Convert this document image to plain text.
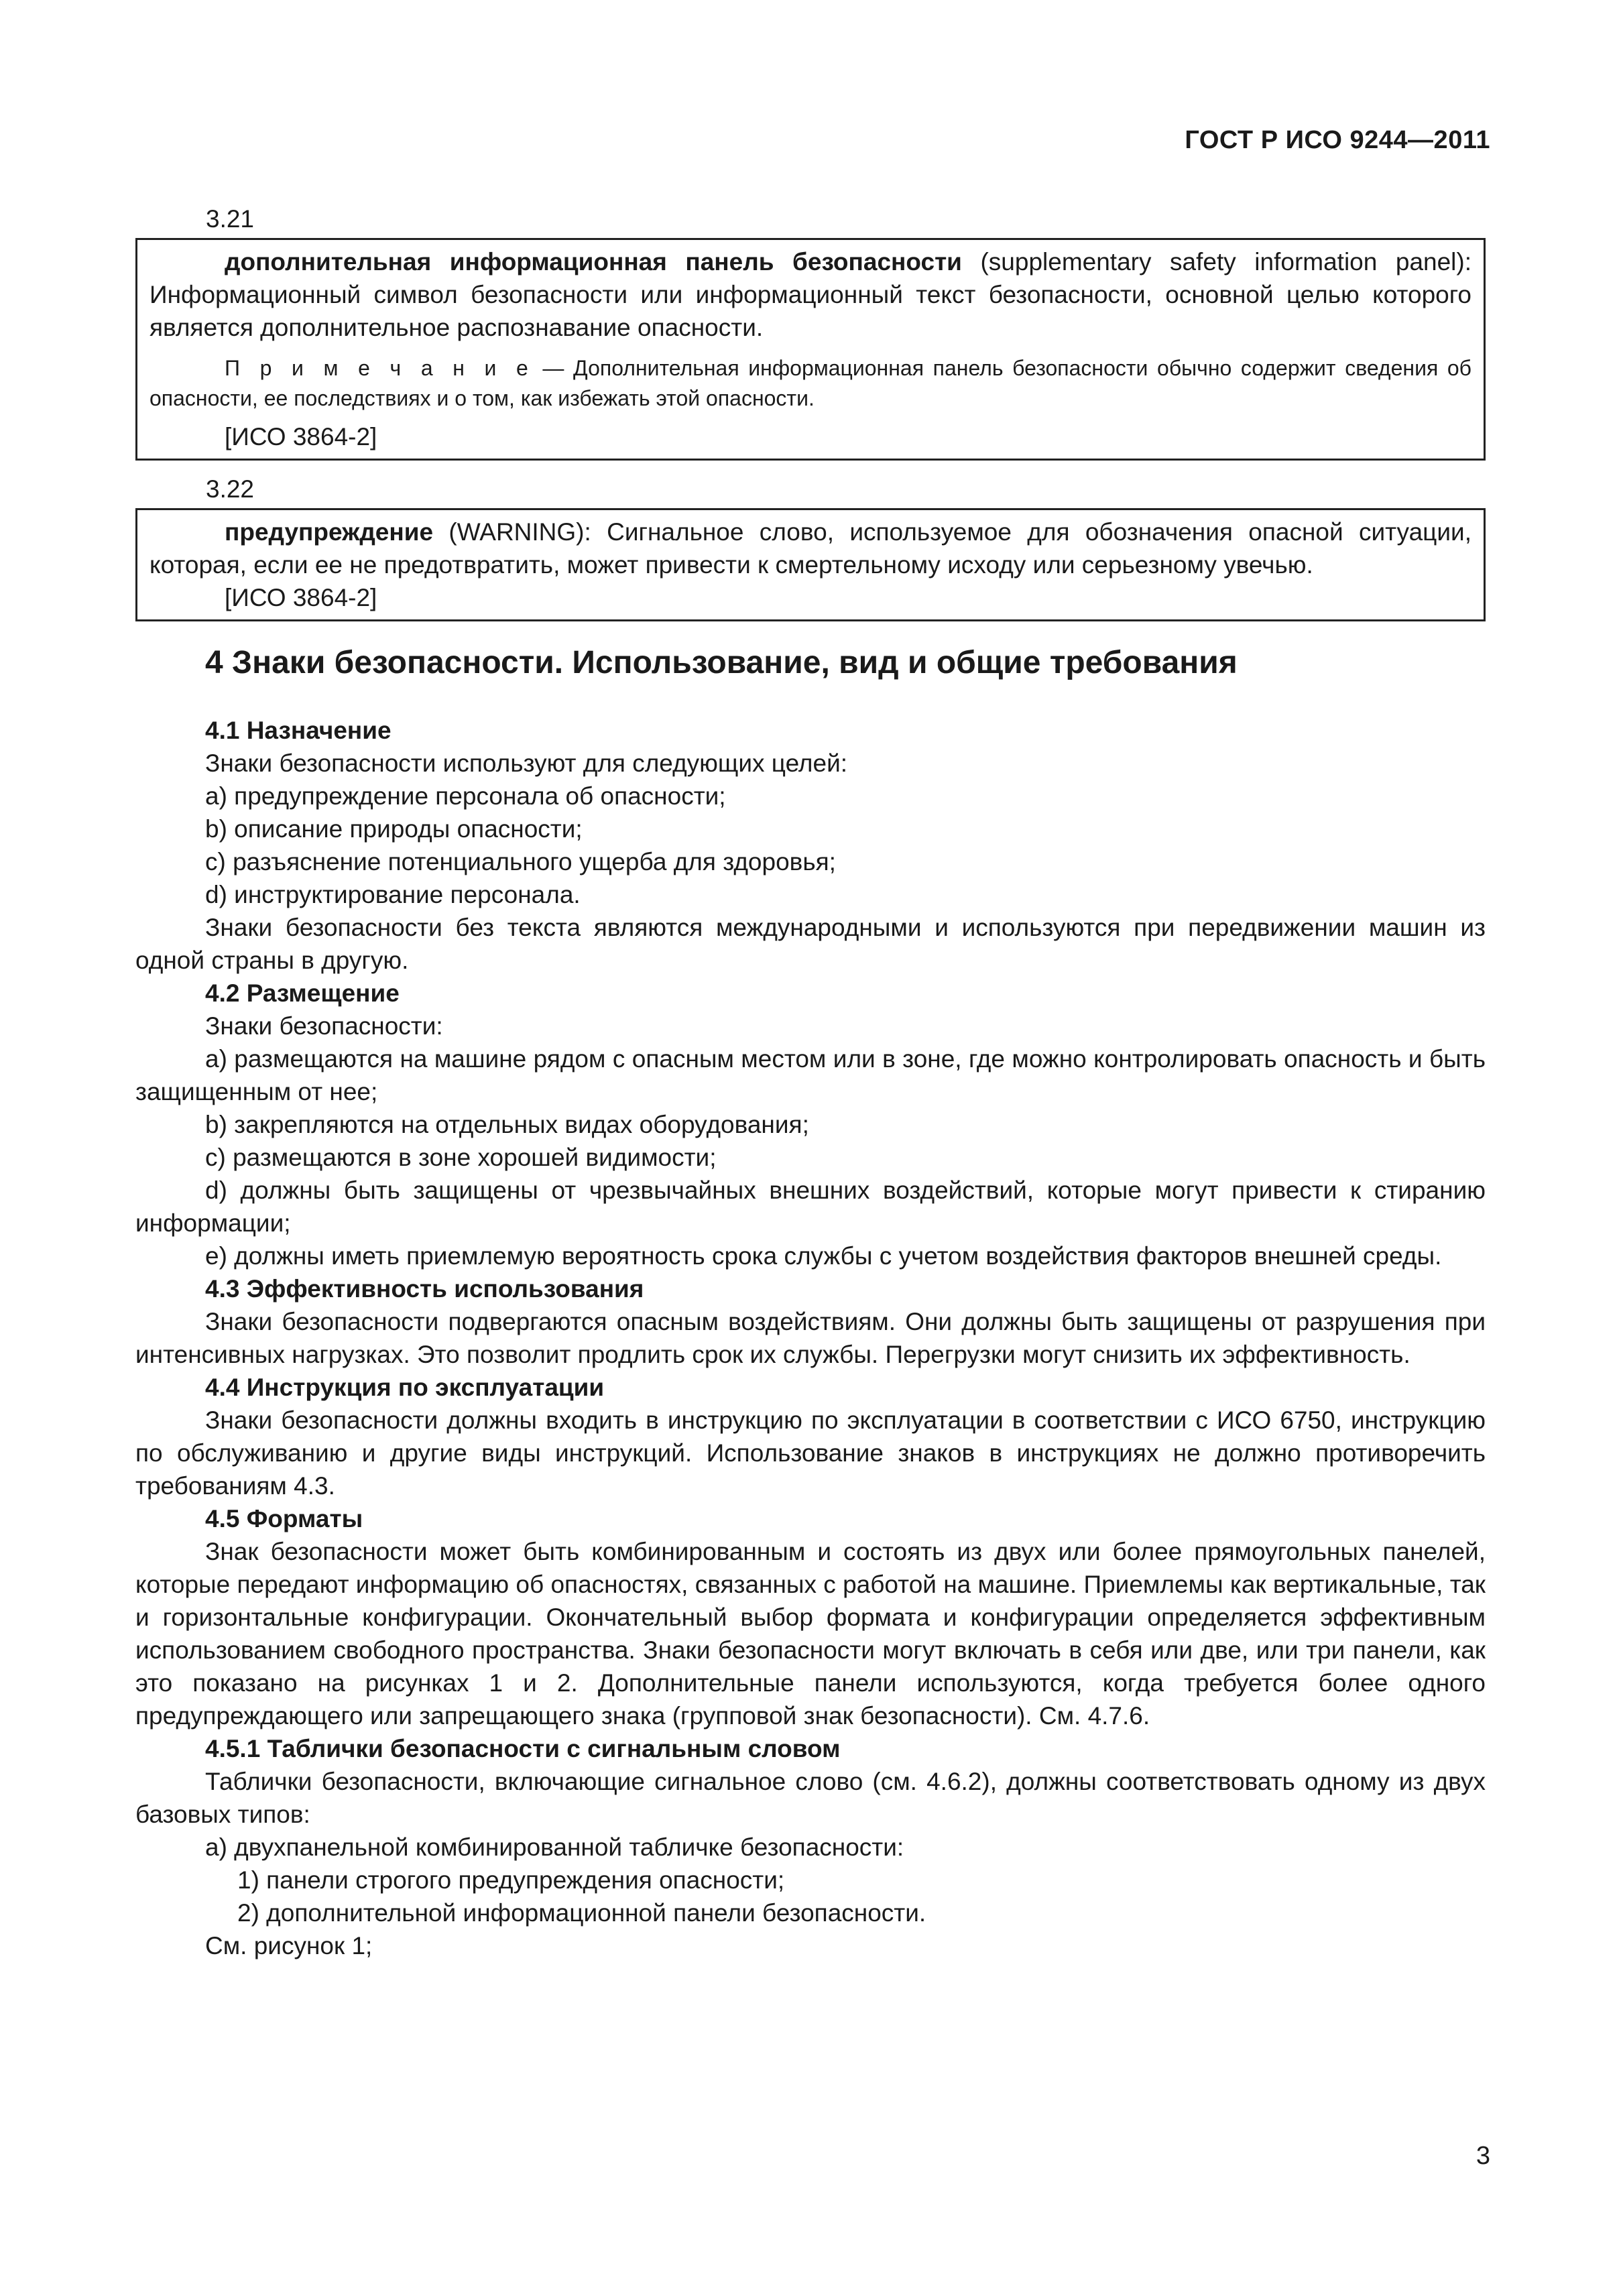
ГОСТ Р ИСО 9244—2011
3.21

дополнительная информационная панель безопасности (supplementary safety information panel): Информационный символ безопасности или информационный текст безопасности, основной целью которого является дополнительное распознавание опасности.

П р и м е ч а н и е — Дополнительная информационная панель безопасности обычно содержит сведения об опасности, ее последствиях и о том, как избежать этой опасности.

[ИСО 3864-2]

3.22

предупреждение (WARNING): Сигнальное слово, используемое для обозначения опасной ситуации, которая, если ее не предотвратить, может привести к смертельному исходу или серьезному увечью.

[ИСО 3864-2]

4 Знаки безопасности. Использование, вид и общие требования

4.1 Назначение

Знаки безопасности используют для следующих целей:

a) предупреждение персонала об опасности;

b) описание природы опасности;

c) разъяснение потенциального ущерба для здоровья;

d) инструктирование персонала.

Знаки безопасности без текста являются международными и используются при передвижении машин из одной страны в другую.

4.2 Размещение

Знаки безопасности:

a) размещаются на машине рядом с опасным местом или в зоне, где можно контролировать опасность и быть защищенным от нее;

b) закрепляются на отдельных видах оборудования;

c) размещаются в зоне хорошей видимости;

d) должны быть защищены от чрезвычайных внешних воздействий, которые могут привести к стиранию информации;

e) должны иметь приемлемую вероятность срока службы с учетом воздействия факторов внешней среды.

4.3 Эффективность использования

Знаки безопасности подвергаются опасным воздействиям. Они должны быть защищены от разрушения при интенсивных нагрузках. Это позволит продлить срок их службы. Перегрузки могут снизить их эффективность.

4.4 Инструкция по эксплуатации

Знаки безопасности должны входить в инструкцию по эксплуатации в соответствии с ИСО 6750, инструкцию по обслуживанию и другие виды инструкций. Использование знаков в инструкциях не должно противоречить требованиям 4.3.

4.5 Форматы

Знак безопасности может быть комбинированным и состоять из двух или более прямоугольных панелей, которые передают информацию об опасностях, связанных с работой на машине. Приемлемы как вертикальные, так и горизонтальные конфигурации. Окончательный выбор формата и конфигурации определяется эффективным использованием свободного пространства. Знаки безопасности могут включать в себя или две, или три панели, как это показано на рисунках 1 и 2. Дополнительные панели используются, когда требуется более одного предупреждающего или запрещающего знака (групповой знак безопасности). См. 4.7.6.

4.5.1 Таблички безопасности с сигнальным словом

Таблички безопасности, включающие сигнальное слово (см. 4.6.2), должны соответствовать одному из двух базовых типов:

a) двухпанельной комбинированной табличке безопасности:

1) панели строгого предупреждения опасности;

2) дополнительной информационной панели безопасности.

См. рисунок 1;

3
